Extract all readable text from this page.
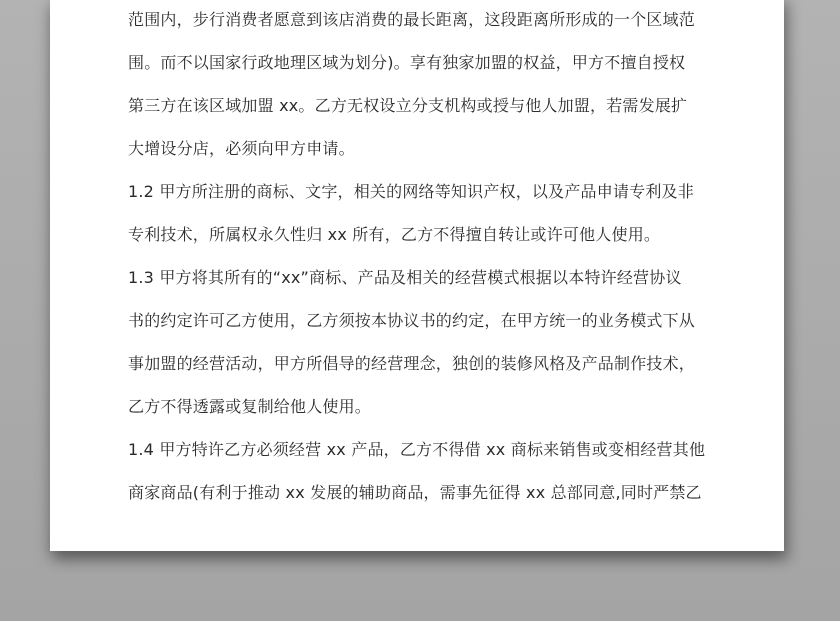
范围内，步行消费者愿意到该店消费的最长距离，这段距离所形成的一个区域范
围。而不以国家行政地理区域为划分)。享有独家加盟的权益，甲方不擅自授权
第三方在该区域加盟 xx。乙方无权设立分支机构或授与他人加盟，若需发展扩
大增设分店，必须向甲方申请。
1.2 甲方所注册的商标、文字，相关的网络等知识产权，以及产品申请专利及非
专利技术，所属权永久性归 xx 所有，乙方不得擅自转让或许可他人使用。
1.3 甲方将其所有的“xx”商标、产品及相关的经营模式根据以本特许经营协议
书的约定许可乙方使用，乙方须按本协议书的约定，在甲方统一的业务模式下从
事加盟的经营活动，甲方所倡导的经营理念，独创的装修风格及产品制作技术，
乙方不得透露或复制给他人使用。
1.4 甲方特许乙方必须经营 xx 产品，乙方不得借 xx 商标来销售或变相经营其他
商家商品(有利于推动 xx 发展的辅助商品，需事先征得 xx 总部同意,同时严禁乙
